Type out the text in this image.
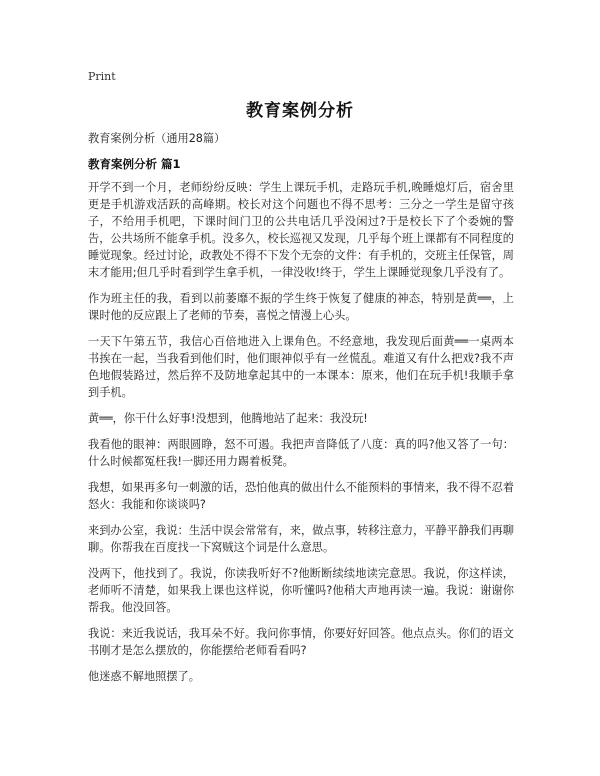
Print
教育案例分析

教育案例分析（通用28篇）

教育案例分析 篇1

开学不到一个月，老师纷纷反映：学生上课玩手机，走路玩手机,晚睡熄灯后，宿舍里更是手机游戏活跃的高峰期。校长对这个问题也不得不思考：三分之一学生是留守孩子，不给用手机吧，下课时间门卫的公共电话几乎没闲过?于是校长下了个委婉的警告，公共场所不能拿手机。没多久，校长巡视又发现，几乎每个班上课都有不同程度的睡觉现象。经过讨论，政教处不得不下发个无奈的文件：有手机的，交班主任保管，周末才能用;但几乎时看到学生拿手机，一律没收!终于，学生上课睡觉现象几乎没有了。

作为班主任的我，看到以前萎靡不振的学生终于恢复了健康的神态，特别是黄══，上课时他的反应跟上了老师的节奏，喜悦之情漫上心头。

一天下午第五节，我信心百倍地进入上课角色。不经意地，我发现后面黄══一桌两本书挨在一起，当我看到他们时，他们眼神似乎有一丝慌乱。难道又有什么把戏?我不声色地假装路过，然后猝不及防地拿起其中的一本课本：原来，他们在玩手机!我顺手拿到手机。

黄══，你干什么好事!没想到，他腾地站了起来：我没玩!

我看他的眼神：两眼圆睁，怒不可遏。我把声音降低了八度：真的吗?他又答了一句：什么时候都冤枉我!一脚还用力踢着板凳。

我想，如果再多句一刺激的话，恐怕他真的做出什么不能预料的事情来，我不得不忍着怒火：我能和你谈谈吗?

来到办公室，我说：生活中误会常常有，来，做点事，转移注意力，平静平静我们再聊聊。你帮我在百度找一下窝贼这个词是什么意思。

没两下，他找到了。我说，你读我听好不?他断断续续地读完意思。我说，你这样读，老师听不清楚，如果我上课也这样说，你听懂吗?他稍大声地再读一遍。我说：谢谢你帮我。他没回答。

我说：来近我说话，我耳朵不好。我问你事情，你要好好回答。他点点头。你们的语文书刚才是怎么摆放的，你能摆给老师看看吗?

他迷惑不解地照摆了。
